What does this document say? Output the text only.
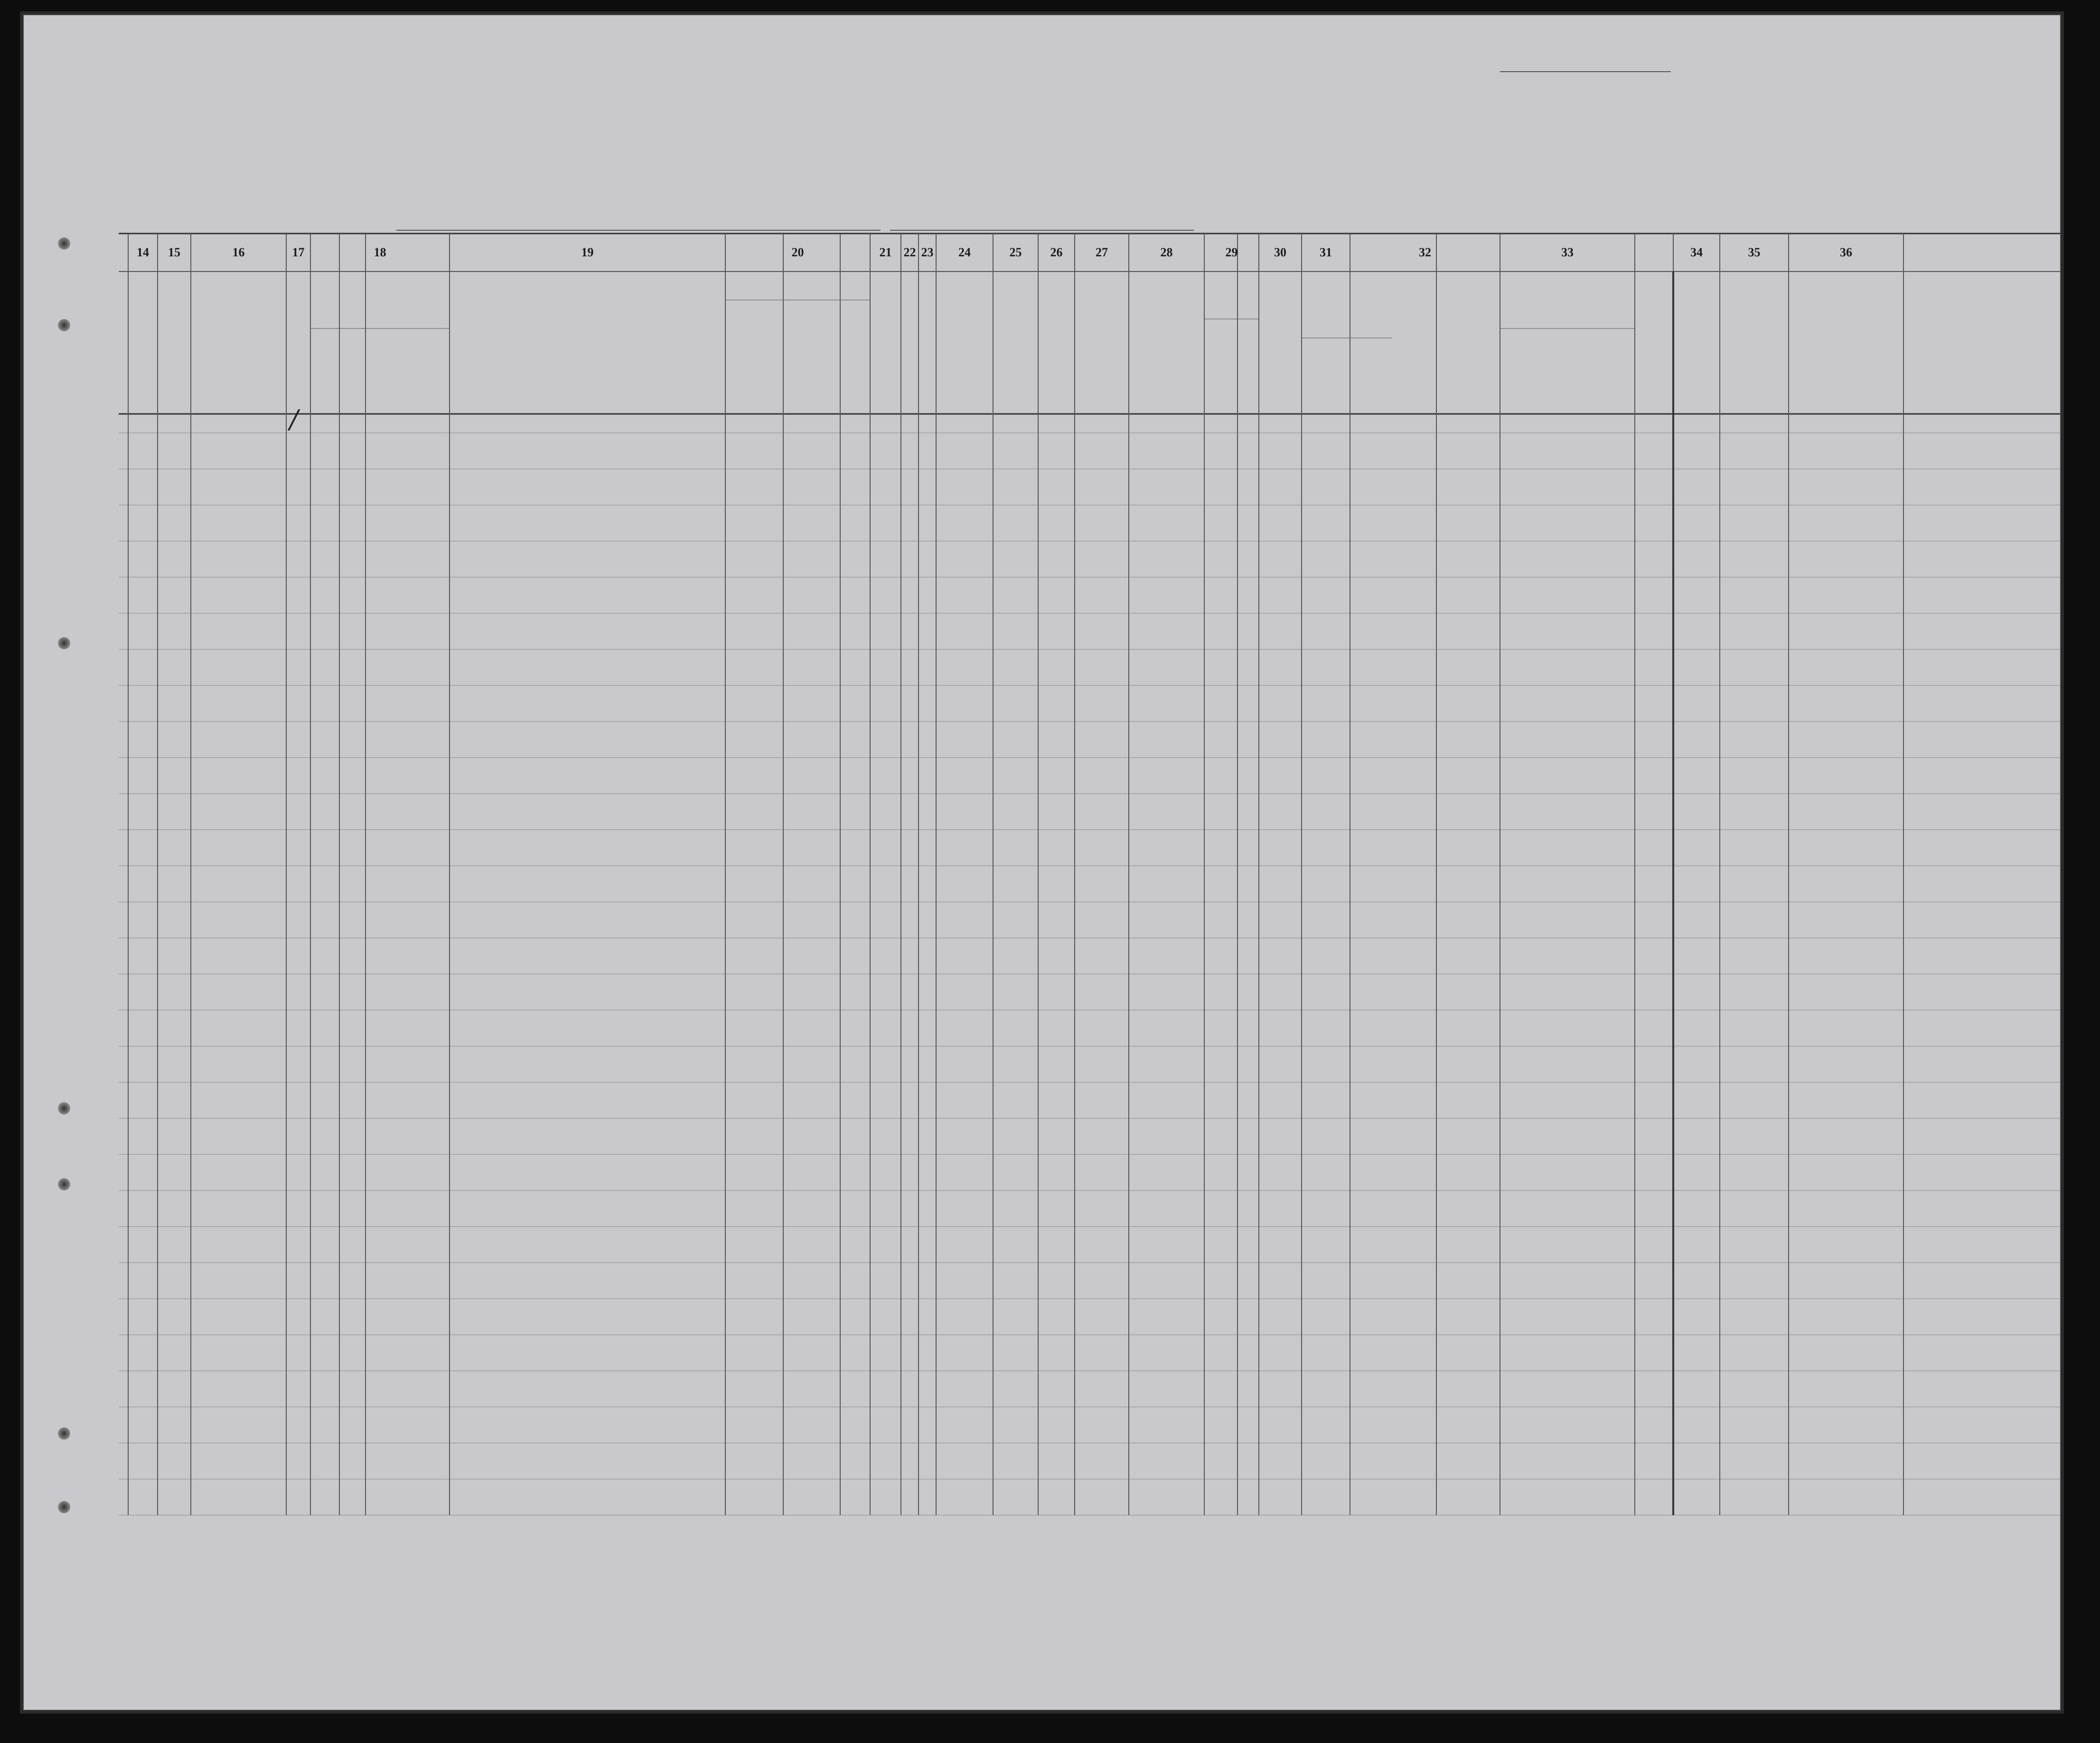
14	15	16	17	18	19	20	21 22 23	24	25	26	27	28	29	30	31	32	33	34	35	36
/
